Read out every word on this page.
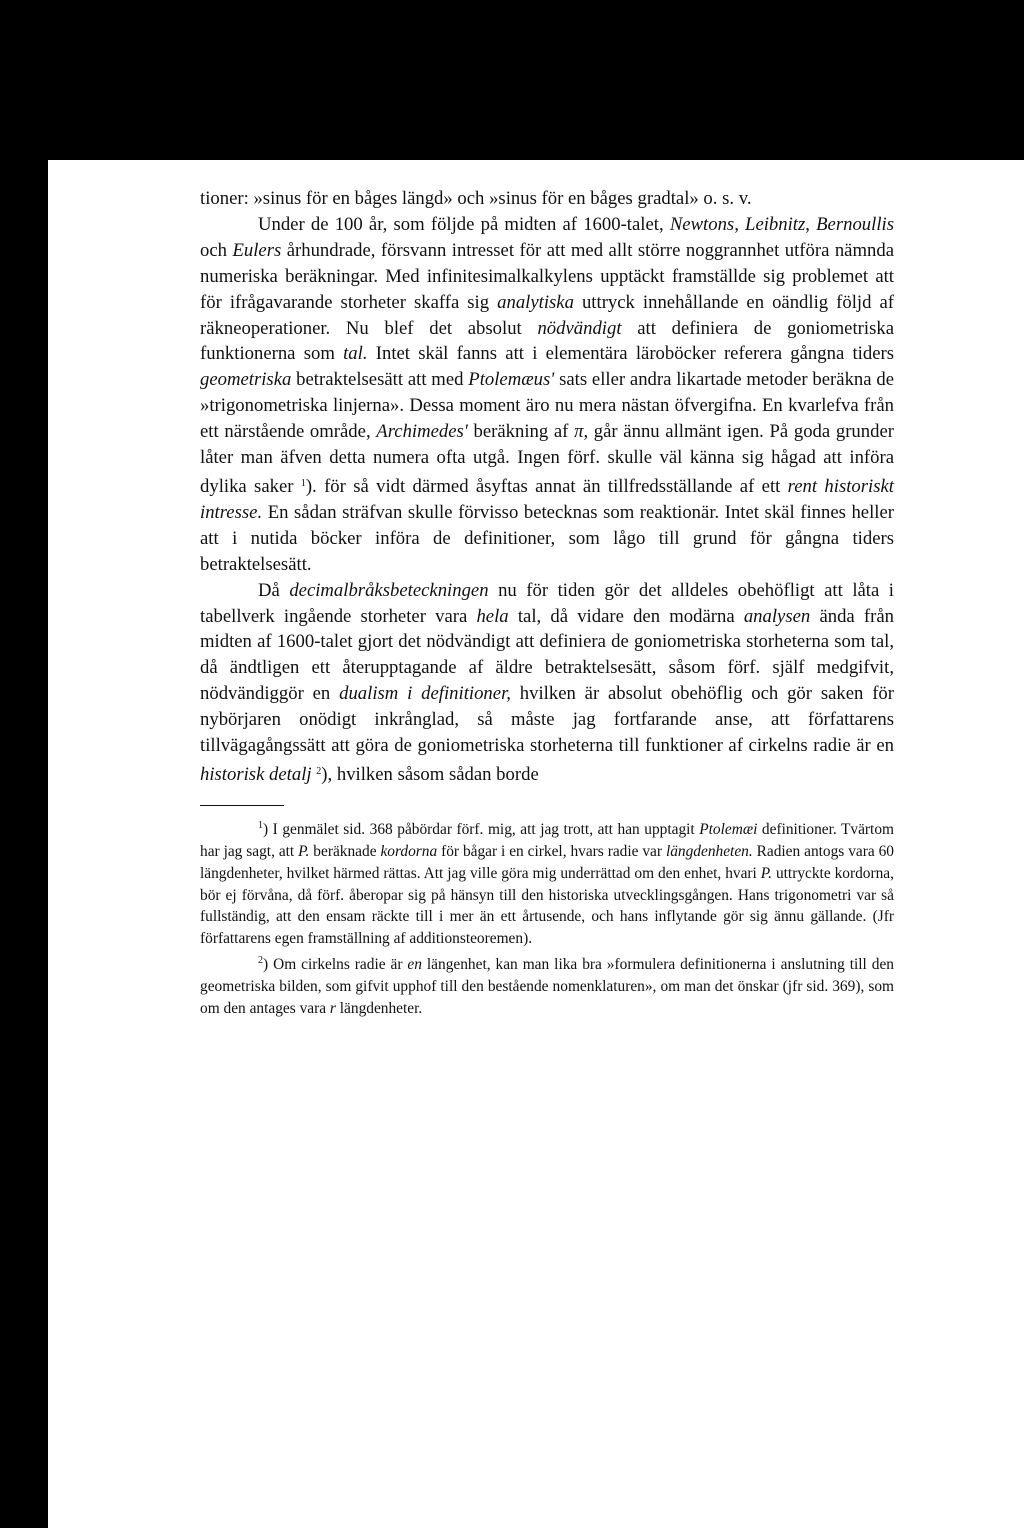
tioner: »sinus för en båges längd» och »sinus för en båges gradtal» o. s. v.

Under de 100 år, som följde på midten af 1600-talet, Newtons, Leibnitz, Bernoullis och Eulers århundrade, försvann intresset för att med allt större noggrannhet utföra nämnda numeriska beräkningar. Med infinitesimalkalkylens upptäckt framställde sig problemet att för ifrågavarande storheter skaffa sig analytiska uttryck innehållande en oändlig följd af räkneoperationer. Nu blef det absolut nödvändigt att definiera de goniometriska funktionerna som tal. Intet skäl fanns att i elementära läroböcker referera gångna tiders geometriska betraktelsesätt att med Ptolemæus' sats eller andra likartade metoder beräkna de »trigonometriska linjerna». Dessa moment äro nu mera nästan öfvergifna. En kvarlefva från ett närstående område, Archimedes' beräkning af π, går ännu allmänt igen. På goda grunder låter man äfven detta numera ofta utgå. Ingen förf. skulle väl känna sig hågad att införa dylika saker $^1$). för så vidt därmed åsyftas annat än tillfredsställande af ett rent historiskt intresse. En sådan sträfvan skulle förvisso betecknas som reaktionär. Intet skäl finnes heller att i nutida böcker införa de definitioner, som lågo till grund för gångna tiders betraktelsesätt.

Då decimalbråksbeteckningen nu för tiden gör det alldeles obehöfligt att låta i tabellverk ingående storheter vara hela tal, då vidare den modärna analysen ända från midten af 1600-talet gjort det nödvändigt att definiera de goniometriska storheterna som tal, då ändtligen ett återupptagande af äldre betraktelsesätt, såsom förf. själf medgifvit, nödvändiggör en dualism i definitioner, hvilken är absolut obehöflig och gör saken för nybörjaren onödigt inkrånglad, så måste jag fortfarande anse, att författarens tillvägagångssätt att göra de goniometriska storheterna till funktioner af cirkelns radie är en historisk detalj $^2$), hvilken såsom sådan borde

$^1$) I genmälet sid. 368 påbördar förf. mig, att jag trott, att han upptagit Ptolemæi definitioner. Tvärtom har jag sagt, att P. beräknade kordorna för bågar i en cirkel, hvars radie var längdenheten. Radien antogs vara 60 längdenheter, hvilket härmed rättas. Att jag ville göra mig underrättad om den enhet, hvari P. uttryckte kordorna, bör ej förvåna, då förf. åberopar sig på hänsyn till den historiska utvecklingsgången. Hans trigonometri var så fullständig, att den ensam räckte till i mer än ett årtusende, och hans inflytande gör sig ännu gällande. (Jfr författarens egen framställning af additionsteoremen).

$^2$) Om cirkelns radie är en längenhet, kan man lika bra »formulera definitionerna i anslutning till den geometriska bilden, som gifvit upphof till den bestående nomenklaturen», om man det önskar (jfr sid. 369), som om den antages vara r längdenheter.
